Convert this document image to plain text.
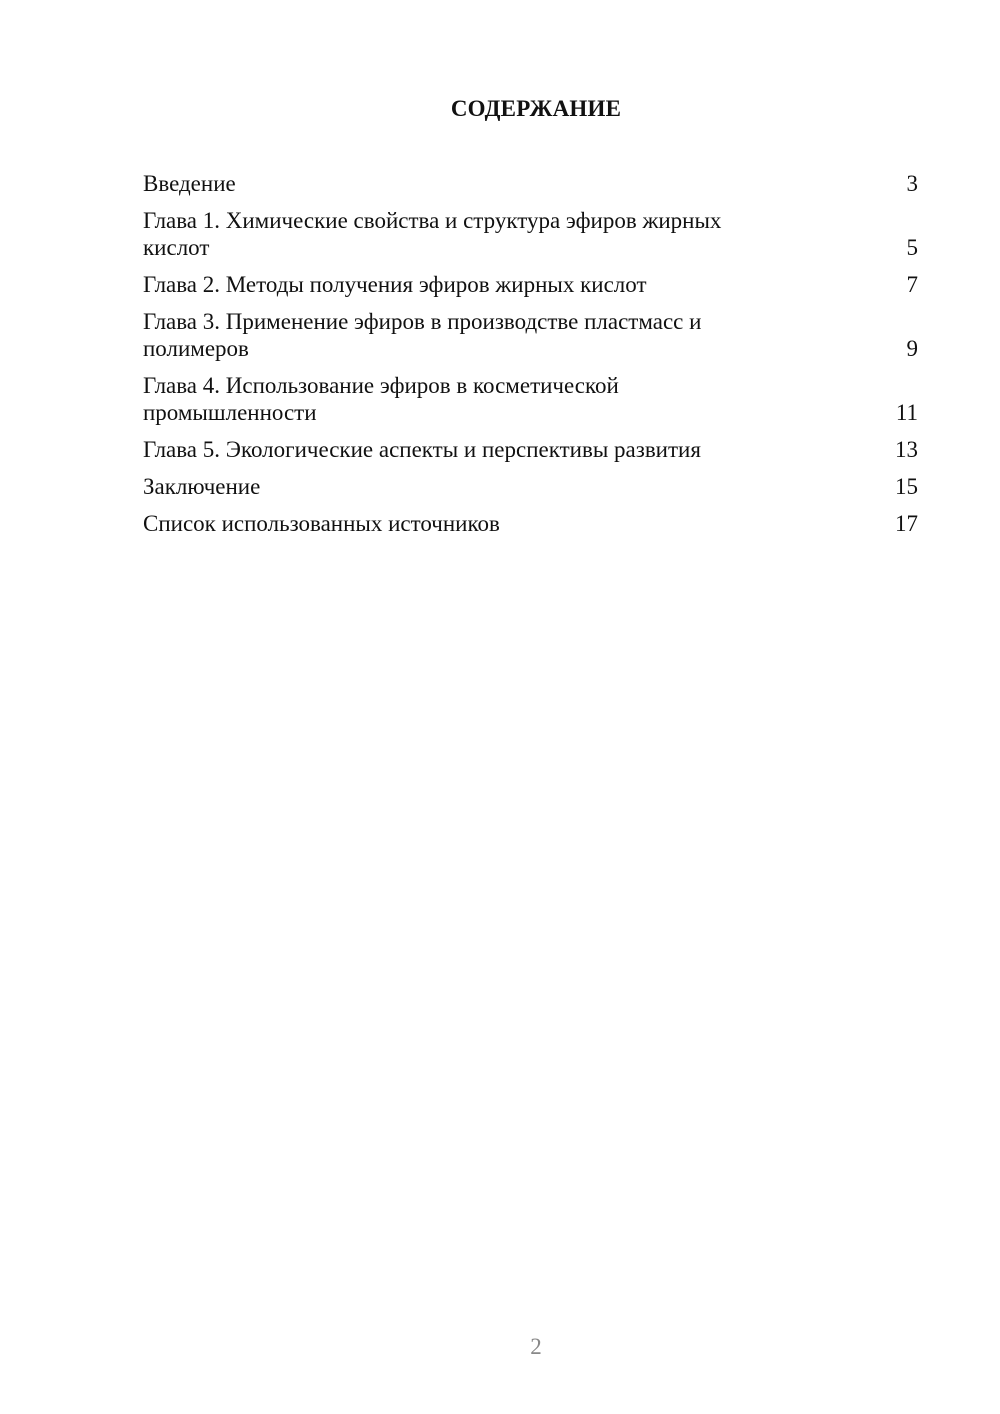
СОДЕРЖАНИЕ
Введение	3
Глава 1. Химические свойства и структура эфиров жирных кислот	5
Глава 2. Методы получения эфиров жирных кислот	7
Глава 3. Применение эфиров в производстве пластмасс и полимеров	9
Глава 4. Использование эфиров в косметической промышленности	11
Глава 5. Экологические аспекты и перспективы развития	13
Заключение	15
Список использованных источников	17
2
